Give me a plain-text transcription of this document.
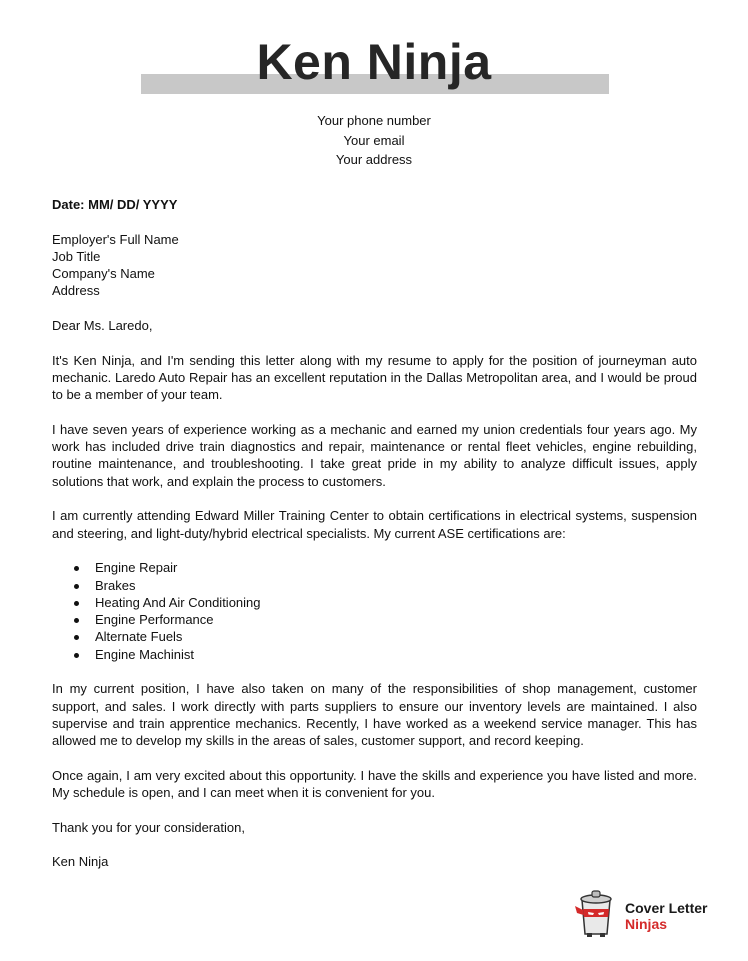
Ken Ninja
Your phone number
Your email
Your address

Date: MM/ DD/ YYYY

Employer's Full Name

Job Title

Company's Name

Address

Dear Ms. Laredo,

It's Ken Ninja, and I'm sending this letter along with my resume to apply for the position of journeyman auto mechanic. Laredo Auto Repair has an excellent reputation in the Dallas Metropolitan area, and I would be proud to be a member of your team.

I have seven years of experience working as a mechanic and earned my union credentials four years ago. My work has included drive train diagnostics and repair, maintenance or rental fleet vehicles, engine rebuilding, routine maintenance, and troubleshooting. I take great pride in my ability to analyze difficult issues, apply solutions that work, and explain the process to customers.

I am currently attending Edward Miller Training Center to obtain certifications in electrical systems, suspension and steering, and light-duty/hybrid electrical specialists. My current ASE certifications are:

Engine Repair
Brakes
Heating And Air Conditioning
Engine Performance
Alternate Fuels
Engine Machinist

In my current position, I have also taken on many of the responsibilities of shop management, customer support, and sales. I work directly with parts suppliers to ensure our inventory levels are maintained. I also supervise and train apprentice mechanics. Recently, I have worked as a weekend service manager. This has allowed me to develop my skills in the areas of sales, customer support, and record keeping.

Once again, I am very excited about this opportunity. I have the skills and experience you have listed and more. My schedule is open, and I can meet when it is convenient for you.

Thank you for your consideration,

Ken Ninja

Cover Letter
Ninjas
